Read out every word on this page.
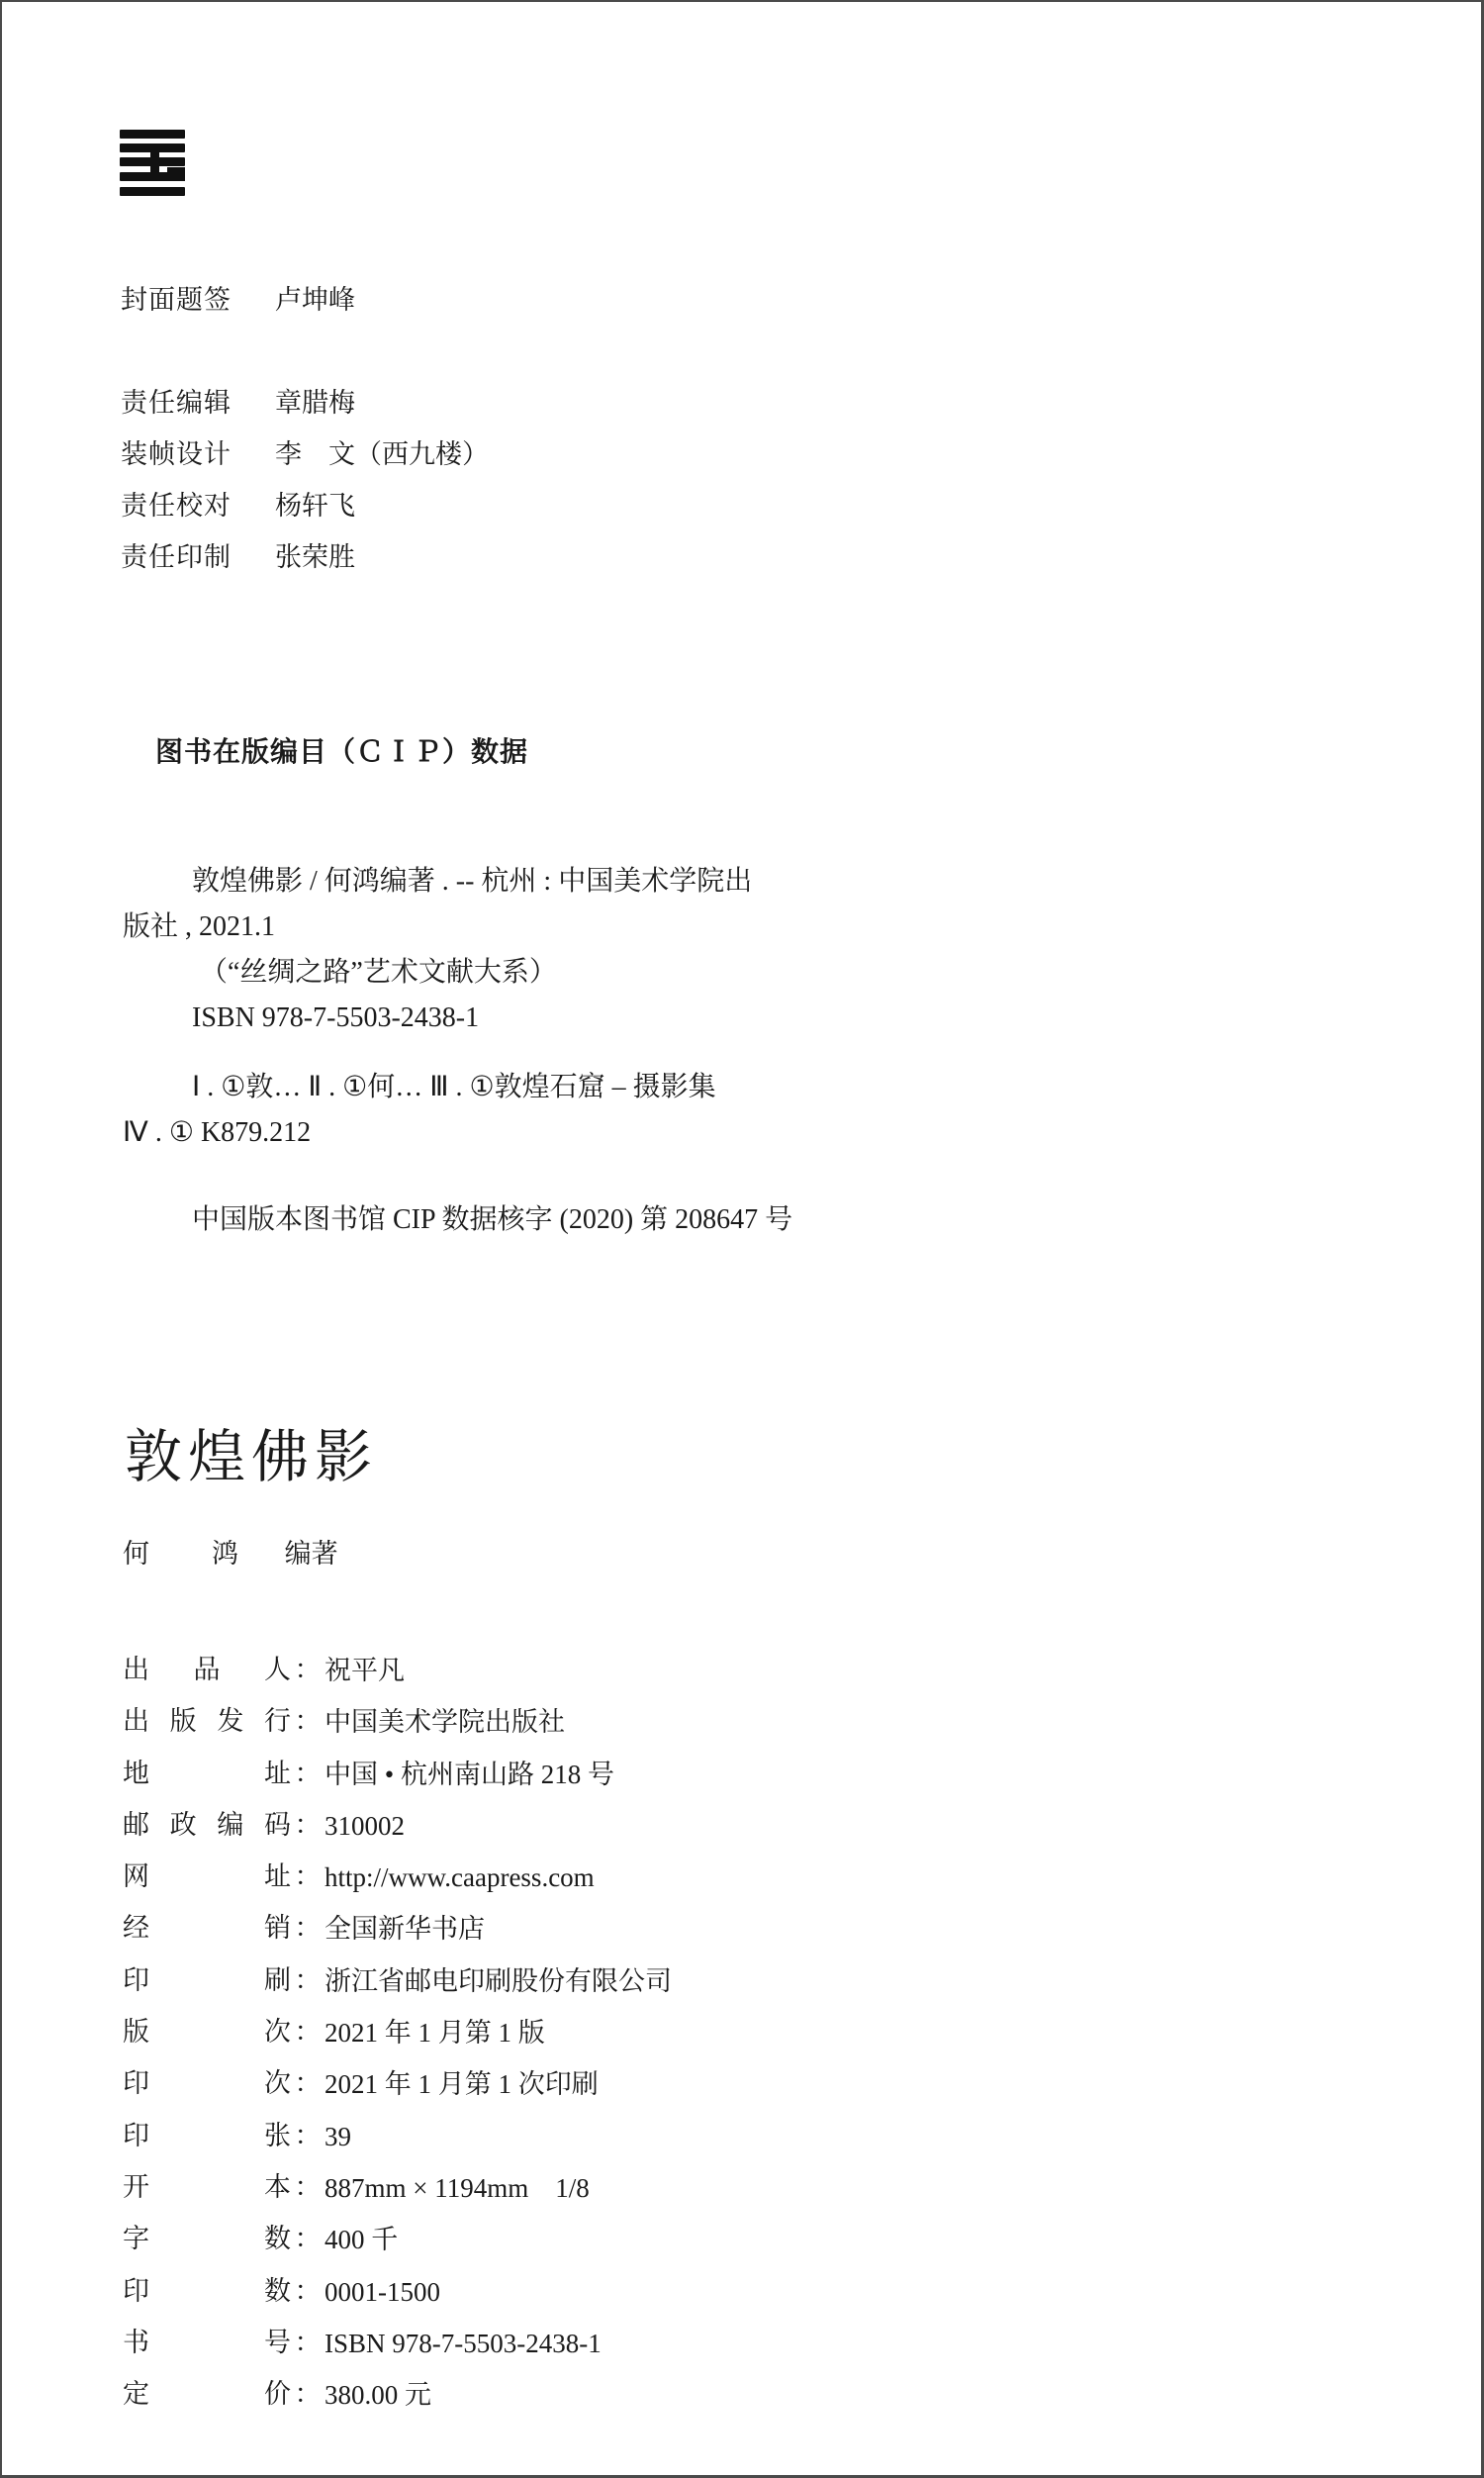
封面题签	卢坤峰
责任编辑	章腊梅
装帧设计	李　文（西九楼）
责任校对	杨轩飞
责任印制	张荣胜
图书在版编目（ＣＩＰ）数据
敦煌佛影 / 何鸿编著 . -- 杭州 : 中国美术学院出
版社 , 2021.1
（“丝绸之路”艺术文献大系）
ISBN 978-7-5503-2438-1
Ⅰ . ①敦… Ⅱ . ①何… Ⅲ . ①敦煌石窟 – 摄影集
Ⅳ . ① K879.212
中国版本图书馆 CIP 数据核字 (2020) 第 208647 号
敦煌佛影
何　鸿 编著
出 品 人 ： 祝平凡
出 版 发 行 ： 中国美术学院出版社
地	址 ： 中国 • 杭州南山路 218 号
邮 政 编 码 ： 310002
网	址 ： http://www.caapress.com
经	销 ： 全国新华书店
印	刷 ： 浙江省邮电印刷股份有限公司
版	次 ： 2021 年 1 月第 1 版
印	次 ： 2021 年 1 月第 1 次印刷
印	张 ： 39
开	本 ： 887mm × 1194mm　1/8
字	数 ： 400 千
印	数 ： 0001-1500
书	号 ： ISBN 978-7-5503-2438-1
定	价 ： 380.00 元
